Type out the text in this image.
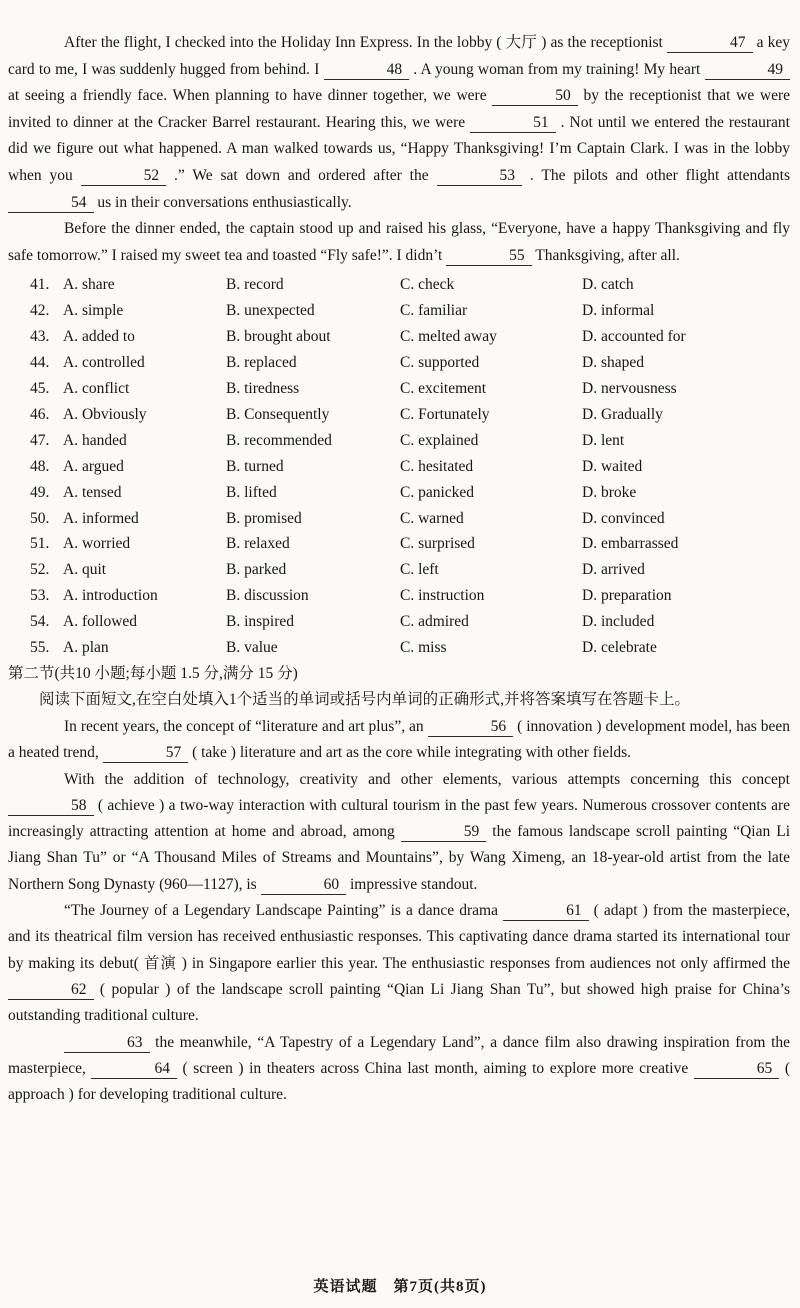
After the flight, I checked into the Holiday Inn Express. In the lobby ( 大厅 ) as the receptionist	47 a key card to me, I was suddenly hugged from behind. I	48 . A young woman from my training! My heart	49 at seeing a friendly face. When planning to have dinner together, we were	50 by the receptionist that we were invited to dinner at the Cracker Barrel restaurant. Hearing this, we were	51 . Not until we entered the restaurant did we figure out what happened. A man walked towards us, “Happy Thanksgiving! I’m Captain Clark. I was in the lobby when you	52 .” We sat down and ordered after the	53 . The pilots and other flight attendants 54 us in their conversations enthusiastically.

Before the dinner ended, the captain stood up and raised his glass, “Everyone, have a happy Thanksgiving and fly safe tomorrow.” I raised my sweet tea and toasted “Fly safe!”. I didn’t	55 Thanksgiving, after all.

41. A. share	B. record	C. check	D. catch
42. A. simple	B. unexpected	C. familiar	D. informal
43. A. added to	B. brought about	C. melted away	D. accounted for
44. A. controlled	B. replaced	C. supported	D. shaped
45. A. conflict	B. tiredness	C. excitement	D. nervousness
46. A. Obviously	B. Consequently	C. Fortunately	D. Gradually
47. A. handed	B. recommended	C. explained	D. lent
48. A. argued	B. turned	C. hesitated	D. waited
49. A. tensed	B. lifted	C. panicked	D. broke
50. A. informed	B. promised	C. warned	D. convinced
51. A. worried	B. relaxed	C. surprised	D. embarrassed
52. A. quit	B. parked	C. left	D. arrived
53. A. introduction	B. discussion	C. instruction	D. preparation
54. A. followed	B. inspired	C. admired	D. included
55. A. plan	B. value	C. miss	D. celebrate

第二节(共10 小题;每小题 1.5 分,满分 15 分)

阅读下面短文,在空白处填入1个适当的单词或括号内单词的正确形式,并将答案填写在答题卡上。

In recent years, the concept of “literature and art plus”, an	56 ( innovation ) development model, has been a heated trend,	57 ( take ) literature and art as the core while integrating with other fields.

With the addition of technology, creativity and other elements, various attempts concerning this concept 58 ( achieve ) a two-way interaction with cultural tourism in the past few years. Numerous crossover contents are increasingly attracting attention at home and abroad, among	59 the famous landscape scroll painting “Qian Li Jiang Shan Tu” or “A Thousand Miles of Streams and Mountains”, by Wang Ximeng, an 18-year-old artist from the late Northern Song Dynasty (960—1127), is	60 impressive standout.

“The Journey of a Legendary Landscape Painting” is a dance drama	61 ( adapt ) from the masterpiece, and its theatrical film version has received enthusiastic responses. This captivating dance drama started its international tour by making its debut( 首演 ) in Singapore earlier this year. The enthusiastic responses from audiences not only affirmed the 62 ( popular ) of the landscape scroll painting “Qian Li Jiang Shan Tu”, but showed high praise for China’s outstanding traditional culture.

63 the meanwhile, “A Tapestry of a Legendary Land”, a dance film also drawing inspiration from the masterpiece,	64 ( screen ) in theaters across China last month, aiming to explore more creative	65 ( approach ) for developing traditional culture.

英语试题　第7页(共8页)
